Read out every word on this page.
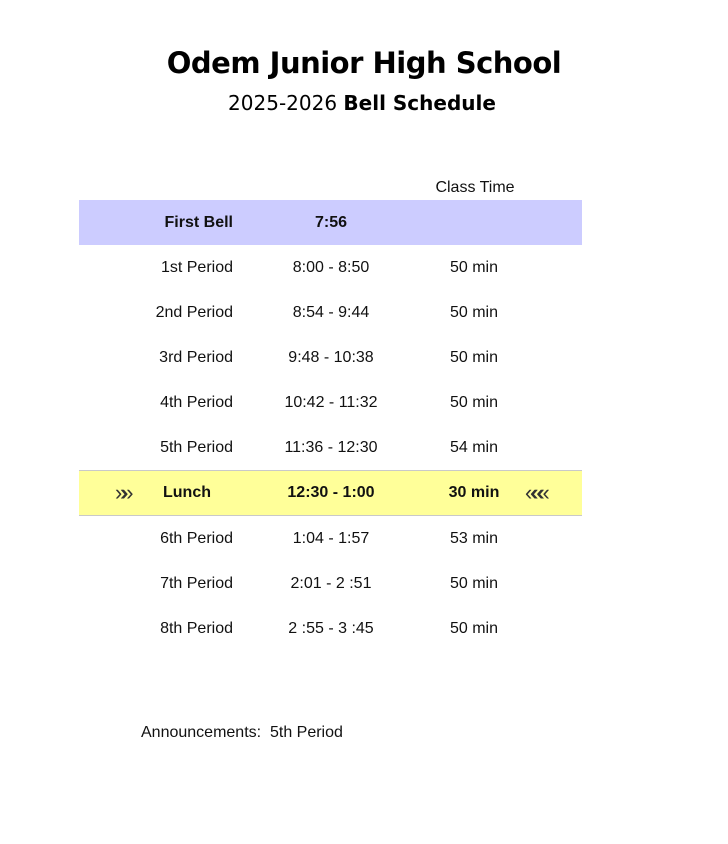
Odem Junior High School
2025-2026 Bell Schedule
Class Time
First Bell	7:56
1st Period	8:00 - 8:50	50 min
2nd Period	8:54 - 9:44	50 min
3rd Period	9:48 - 10:38	50 min
4th Period	10:42 - 11:32	50 min
5th Period	11:36 - 12:30	54 min
»» Lunch	12:30 - 1:00	30 min	«««
6th Period	1:04 - 1:57	53 min
7th Period	2:01 - 2 :51	50 min
8th Period	2 :55 - 3 :45	50 min
Announcements: 5th Period
